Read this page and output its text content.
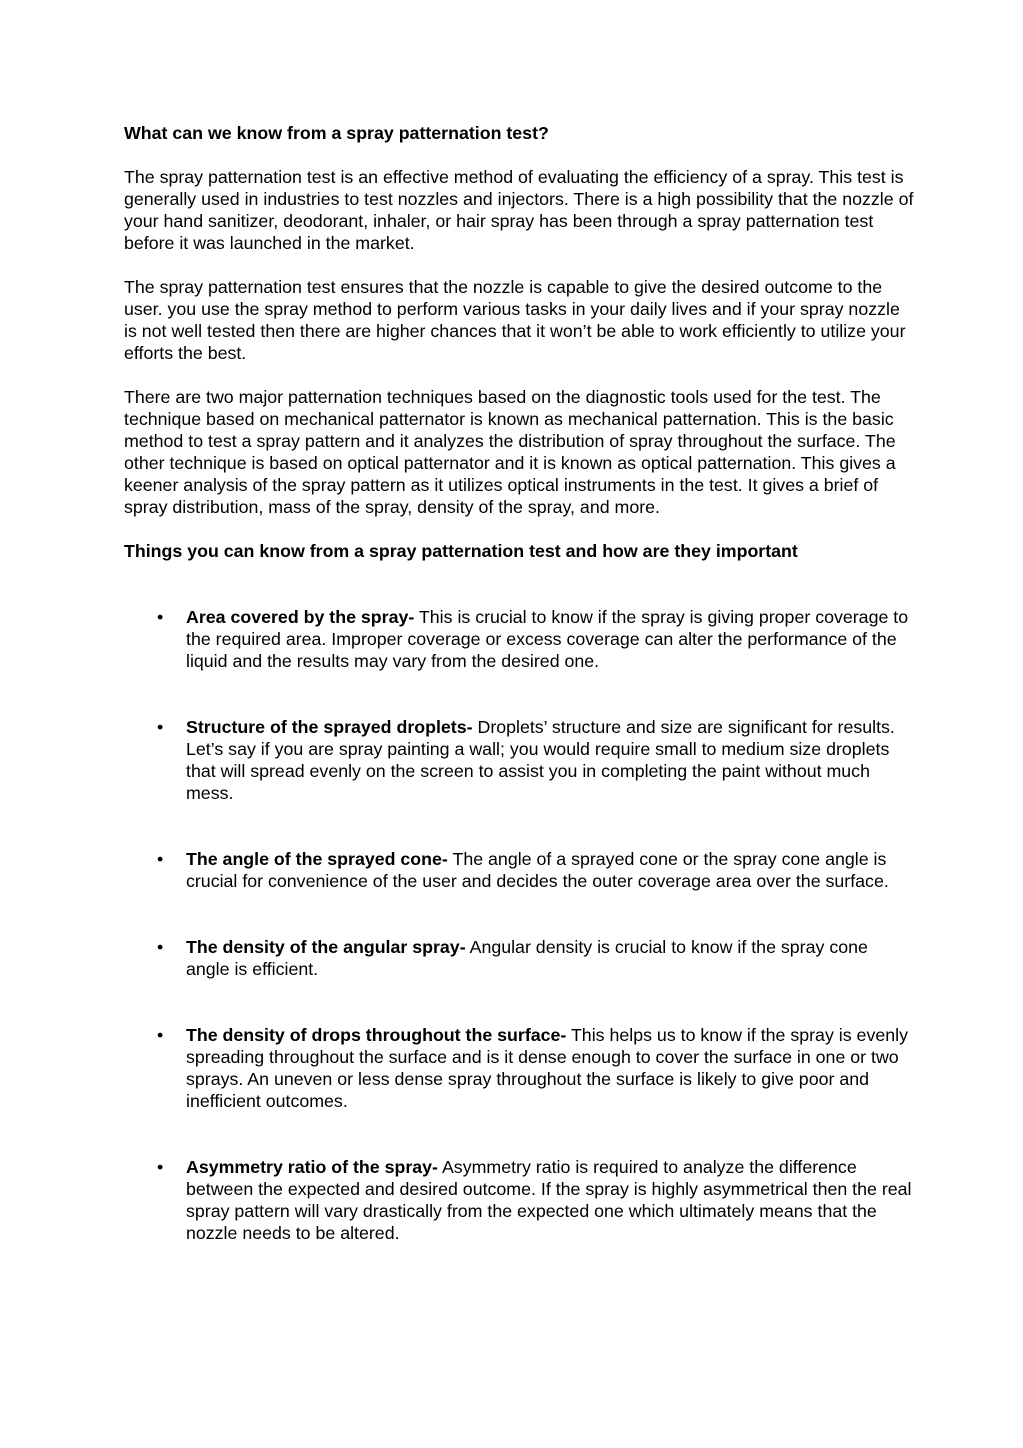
What can we know from a spray patternation test?

The spray patternation test is an effective method of evaluating the efficiency of a spray. This test is generally used in industries to test nozzles and injectors. There is a high possibility that the nozzle of your hand sanitizer, deodorant, inhaler, or hair spray has been through a spray patternation test before it was launched in the market.

The spray patternation test ensures that the nozzle is capable to give the desired outcome to the user. you use the spray method to perform various tasks in your daily lives and if your spray nozzle is not well tested then there are higher chances that it won’t be able to work efficiently to utilize your efforts the best.

There are two major patternation techniques based on the diagnostic tools used for the test. The technique based on mechanical patternator is known as mechanical patternation. This is the basic method to test a spray pattern and it analyzes the distribution of spray throughout the surface. The other technique is based on optical patternator and it is known as optical patternation. This gives a keener analysis of the spray pattern as it utilizes optical instruments in the test. It gives a brief of spray distribution, mass of the spray, density of the spray, and more.

Things you can know from a spray patternation test and how are they important

• Area covered by the spray- This is crucial to know if the spray is giving proper coverage to the required area. Improper coverage or excess coverage can alter the performance of the liquid and the results may vary from the desired one.
• Structure of the sprayed droplets- Droplets’ structure and size are significant for results. Let’s say if you are spray painting a wall; you would require small to medium size droplets that will spread evenly on the screen to assist you in completing the paint without much mess.
• The angle of the sprayed cone- The angle of a sprayed cone or the spray cone angle is crucial for convenience of the user and decides the outer coverage area over the surface.
• The density of the angular spray- Angular density is crucial to know if the spray cone angle is efficient.
• The density of drops throughout the surface- This helps us to know if the spray is evenly spreading throughout the surface and is it dense enough to cover the surface in one or two sprays. An uneven or less dense spray throughout the surface is likely to give poor and inefficient outcomes.
• Asymmetry ratio of the spray- Asymmetry ratio is required to analyze the difference between the expected and desired outcome. If the spray is highly asymmetrical then the real spray pattern will vary drastically from the expected one which ultimately means that the nozzle needs to be altered.
